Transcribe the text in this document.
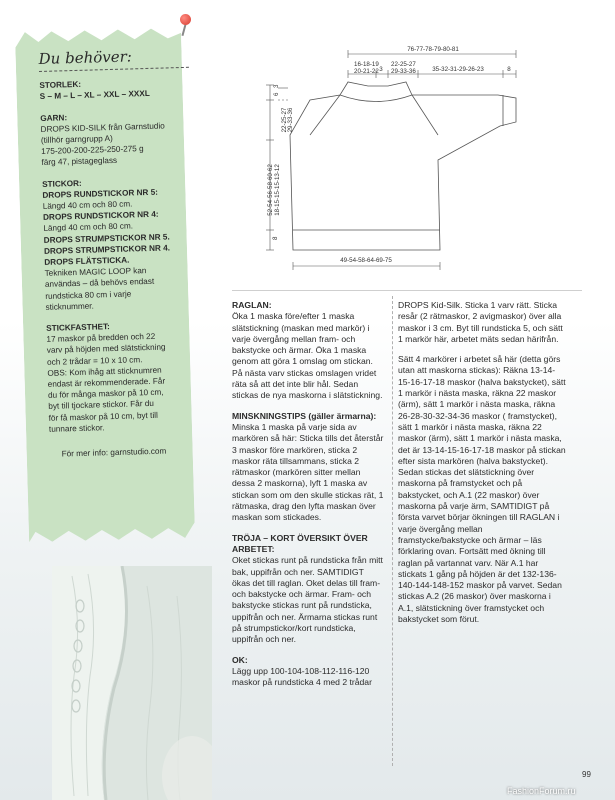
Du behöver:
STORLEK:
S – M – L – XL – XXL – XXXL
GARN:
DROPS KID-SILK från Garnstudio
(tillhör garngrupp A)
175-200-200-225-250-275 g
färg 47, pistageglass
STICKOR:
DROPS RUNDSTICKOR NR 5:
Längd 40 cm och 80 cm.
DROPS RUNDSTICKOR NR 4:
Längd 40 cm och 80 cm.
DROPS STRUMPSTICKOR NR 5.
DROPS STRUMPSTICKOR NR 4.
DROPS FLÄTSTICKA.
Tekniken MAGIC LOOP kan
användas – då behövs endast
rundsticka 80 cm i varje
sticknummer.
STICKFASTHET:
17 maskor på bredden och 22
varv på höjden med slätstickning
och 2 trådar = 10 x 10 cm.
OBS: Kom ihåg att sticknumren
endast är rekommenderade. Får
du för många maskor på 10 cm,
byt till tjockare stickor. Får du
för få maskor på 10 cm, byt till
tunnare stickor.
För mer info: garnstudio.com
76-77-78-79-80-81
16-18-19
20-21-22 3
22-25-27
29-33-36	35-32-31-29-26-23	8
6
3
52-54-56-58-60-62 18-15-15-15-13-12
22-25-27 29-33-36
8
49-54-58-64-69-75
RAGLAN:

Öka 1 maska före/efter 1 maska slätstickning (maskan med markör) i varje övergång mellan fram- och bakstycke och ärmar. Öka 1 maska genom att göra 1 omslag om stickan. På nästa varv stickas omslagen vridet räta så att det inte blir hål. Sedan stickas de nya maskorna i slätstickning.

MINSKNINGSTIPS (gäller ärmarna):

Minska 1 maska på varje sida av markören så här: Sticka tills det återstår 3 maskor före markören, sticka 2 maskor räta tillsammans, sticka 2 rätmaskor (markören sitter mellan dessa 2 maskorna), lyft 1 maska av stickan som om den skulle stickas rät, 1 rätmaska, drag den lyfta maskan över maskan som stickades.

TRÖJA – KORT ÖVERSIKT ÖVER ARBETET:

Oket stickas runt på rundsticka från mitt bak, uppifrån och ner. SAMTIDIGT ökas det till raglan. Oket delas till fram- och bakstycke och ärmar. Fram- och bakstycke stickas runt på rundsticka, uppifrån och ner. Ärmarna stickas runt på strumpstickor/kort rundsticka, uppifrån och ner.

OK:

Lägg upp 100-104-108-112-116-120 maskor på rundsticka 4 med 2 trådar

DROPS Kid-Silk. Sticka 1 varv rätt. Sticka resår (2 rätmaskor, 2 avigmaskor) över alla maskor i 3 cm. Byt till rundsticka 5, och sätt 1 markör här, arbetet mäts sedan härifrån.

Sätt 4 markörer i arbetet så här (detta görs utan att maskorna stickas): Räkna 13-14-15-16-17-18 maskor (halva bakstycket), sätt 1 markör i nästa maska, räkna 22 maskor (ärm), sätt 1 markör i nästa maska, räkna 26-28-30-32-34-36 maskor ( framstycket), sätt 1 markör i nästa maska, räkna 22 maskor (ärm), sätt 1 markör i nästa maska, det är 13-14-15-16-17-18 maskor på stickan efter sista markören (halva bakstycket). Sedan stickas det slätstickning över maskorna på framstycket och på bakstycket, och A.1 (22 maskor) över maskorna på varje ärm, SAMTIDIGT på första varvet börjar ökningen till RAGLAN i varje övergång mellan framstycke/bakstycke och ärmar – läs förklaring ovan. Fortsätt med ökning till raglan på vartannat varv. När A.1 har stickats 1 gång på höjden är det 132-136-140-144-148-152 maskor på varvet. Sedan stickas A.2 (26 maskor) över maskorna i A.1, slätstickning över framstycket och bakstycket som förut.

99
FashionForum.ru
